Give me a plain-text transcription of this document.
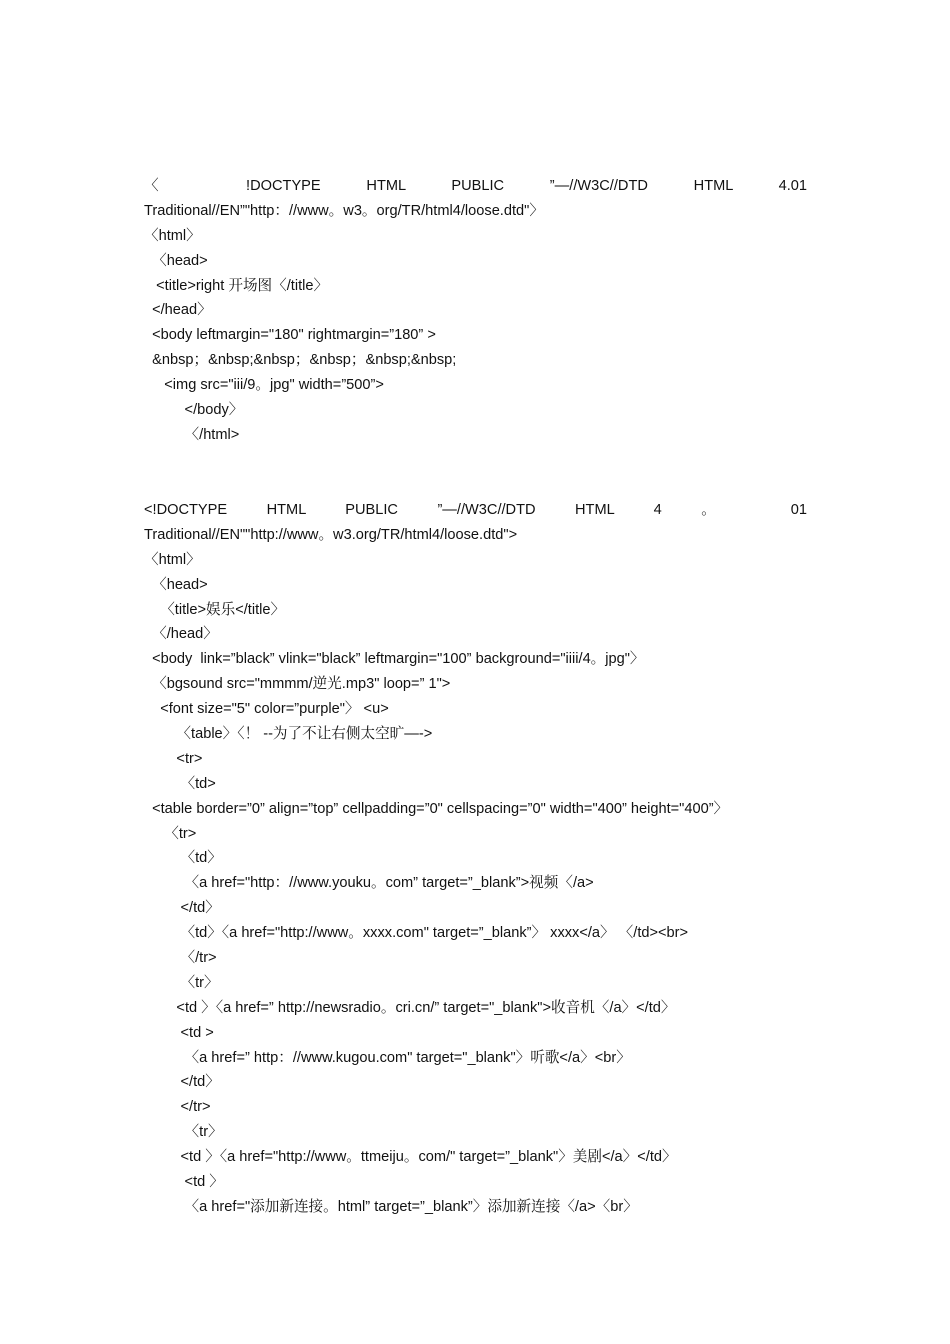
〈 !DOCTYPE HTML PUBLIC ”—//W3C//DTD HTML 4.01
Traditional//EN”"http：//www。w3。org/TR/html4/loose.dtd"〉
〈html〉
〈head>
<title>right 开场图〈/title〉
</head〉
<body leftmargin="180" rightmargin=”180” >
&nbsp；&nbsp;&nbsp；&nbsp；&nbsp;&nbsp;
<img src="iii/9。jpg" width=”500”>
</body〉
〈/html>
<!DOCTYPE HTML PUBLIC ”—//W3C//DTD HTML 4 。 01
Traditional//EN""http://www。w3.org/TR/html4/loose.dtd">
〈html〉
〈head>
〈title>娱乐</title〉
〈/head〉
<body  link=”black” vlink="black” leftmargin="100” background="iiii/4。jpg"〉
〈bgsound src="mmmm/逆光.mp3" loop=” 1">
<font size="5" color=”purple"〉 <u>
〈table〉〈！ --为了不让右侧太空旷—->
<tr>
〈td>
<table border=”0” align=”top” cellpadding=”0" cellspacing=”0" width="400” height="400”〉
〈tr>
〈td〉
〈a href="http：//www.youku。com” target=”_blank”>视频〈/a>
</td〉
〈td〉〈a href="http://www。xxxx.com" target=”_blank”〉 xxxx</a〉 〈/td><br>
〈/tr>
〈tr〉
<td 〉〈a href=” http://newsradio。cri.cn/” target="_blank">收音机〈/a〉</td〉
<td >
〈a href=” http：//www.kugou.com" target="_blank"〉听歌</a〉<br〉
</td〉
</tr>
〈tr〉
<td 〉〈a href="http://www。ttmeiju。com/" target=”_blank"〉美剧</a〉</td〉
<td 〉
〈a href="添加新连接。html” target=”_blank”〉添加新连接〈/a>〈br〉
